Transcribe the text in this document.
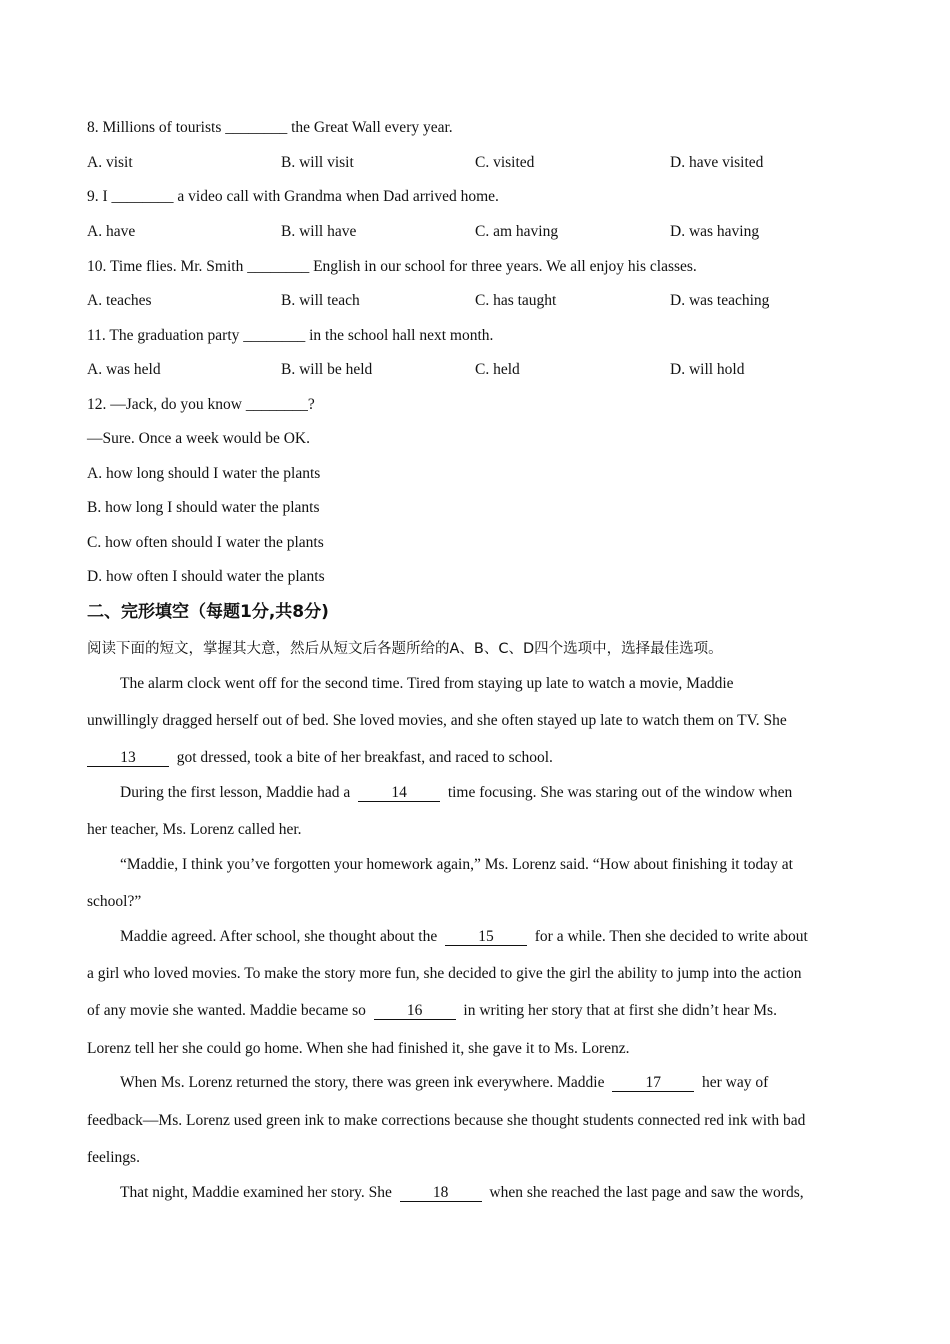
8. Millions of tourists ________ the Great Wall every year.
A. visit	B. will visit	C. visited	D. have visited
9. I ________ a video call with Grandma when Dad arrived home.
A. have	B. will have	C. am having	D. was having
10. Time flies. Mr. Smith ________ English in our school for three years. We all enjoy his classes.
A. teaches	B. will teach	C. has taught	D. was teaching
11. The graduation party ________ in the school hall next month.
A. was held	B. will be held	C. held	D. will hold
12. —Jack, do you know ________?
—Sure. Once a week would be OK.
A. how long should I water the plants
B. how long I should water the plants
C. how often should I water the plants
D. how often I should water the plants
二、完形填空（每题1分,共8分)
阅读下面的短文，掌握其大意，然后从短文后各题所给的A、B、C、D四个选项中，选择最佳选项。
The alarm clock went off for the second time. Tired from staying up late to watch a movie, Maddie
unwillingly dragged herself out of bed. She loved movies, and she often stayed up late to watch them on TV. She
13	got dressed, took a bite of her breakfast, and raced to school.
During the first lesson, Maddie had a	14	time focusing. She was staring out of the window when
her teacher, Ms. Lorenz called her.
“Maddie, I think you’ve forgotten your homework again,” Ms. Lorenz said. “How about finishing it today at
school?”
Maddie agreed. After school, she thought about the	15	for a while. Then she decided to write about
a girl who loved movies. To make the story more fun, she decided to give the girl the ability to jump into the action
of any movie she wanted. Maddie became so	16	in writing her story that at first she didn’t hear Ms.
Lorenz tell her she could go home. When she had finished it, she gave it to Ms. Lorenz.
When Ms. Lorenz returned the story, there was green ink everywhere. Maddie	17	her way of
feedback—Ms. Lorenz used green ink to make corrections because she thought students connected red ink with bad
feelings.
That night, Maddie examined her story. She	18	when she reached the last page and saw the words,
